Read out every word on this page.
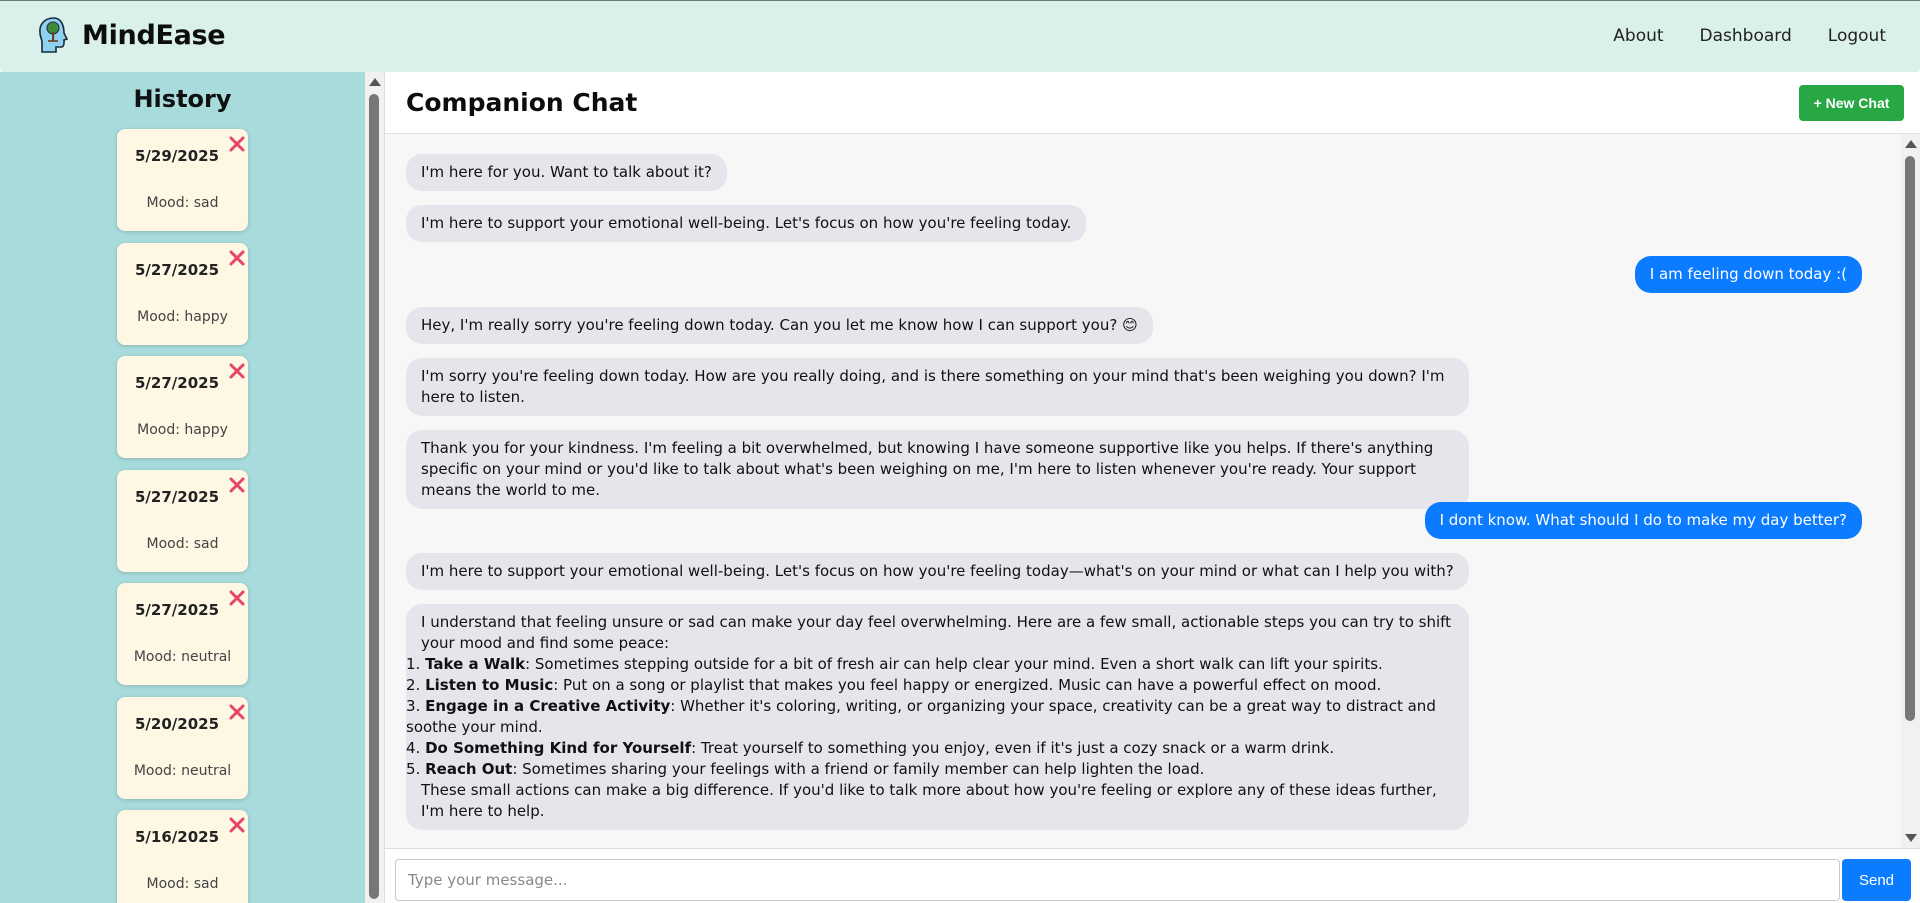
MindEase	About Dashboard Logout
History
5/29/2025
Mood: sad
5/27/2025
Mood: happy
5/27/2025
Mood: happy
5/27/2025
Mood: sad
5/27/2025
Mood: neutral
5/20/2025
Mood: neutral
5/16/2025
Mood: sad
Companion Chat	+ New Chat
I'm here for you. Want to talk about it?
I'm here to support your emotional well-being. Let's focus on how you're feeling today.
I am feeling down today :(
Hey, I'm really sorry you're feeling down today. Can you let me know how I can support you? 😊
I'm sorry you're feeling down today. How are you really doing, and is there something on your mind that's been weighing you down? I'm here to listen.
Thank you for your kindness. I'm feeling a bit overwhelmed, but knowing I have someone supportive like you helps. If there's anything specific on your mind or you'd like to talk about what's been weighing on me, I'm here to listen whenever you're ready. Your support means the world to me.
I dont know. What should I do to make my day better?
I'm here to support your emotional well-being. Let's focus on how you're feeling today—what's on your mind or what can I help you with?
I understand that feeling unsure or sad can make your day feel overwhelming. Here are a few small, actionable steps you can try to shift your mood and find some peace:
1. Take a Walk: Sometimes stepping outside for a bit of fresh air can help clear your mind. Even a short walk can lift your spirits.
2. Listen to Music: Put on a song or playlist that makes you feel happy or energized. Music can have a powerful effect on mood.
3. Engage in a Creative Activity: Whether it's coloring, writing, or organizing your space, creativity can be a great way to distract and soothe your mind.
4. Do Something Kind for Yourself: Treat yourself to something you enjoy, even if it's just a cozy snack or a warm drink.
5. Reach Out: Sometimes sharing your feelings with a friend or family member can help lighten the load.
These small actions can make a big difference. If you'd like to talk more about how you're feeling or explore any of these ideas further, I'm here to help.
Type your message...
Send
